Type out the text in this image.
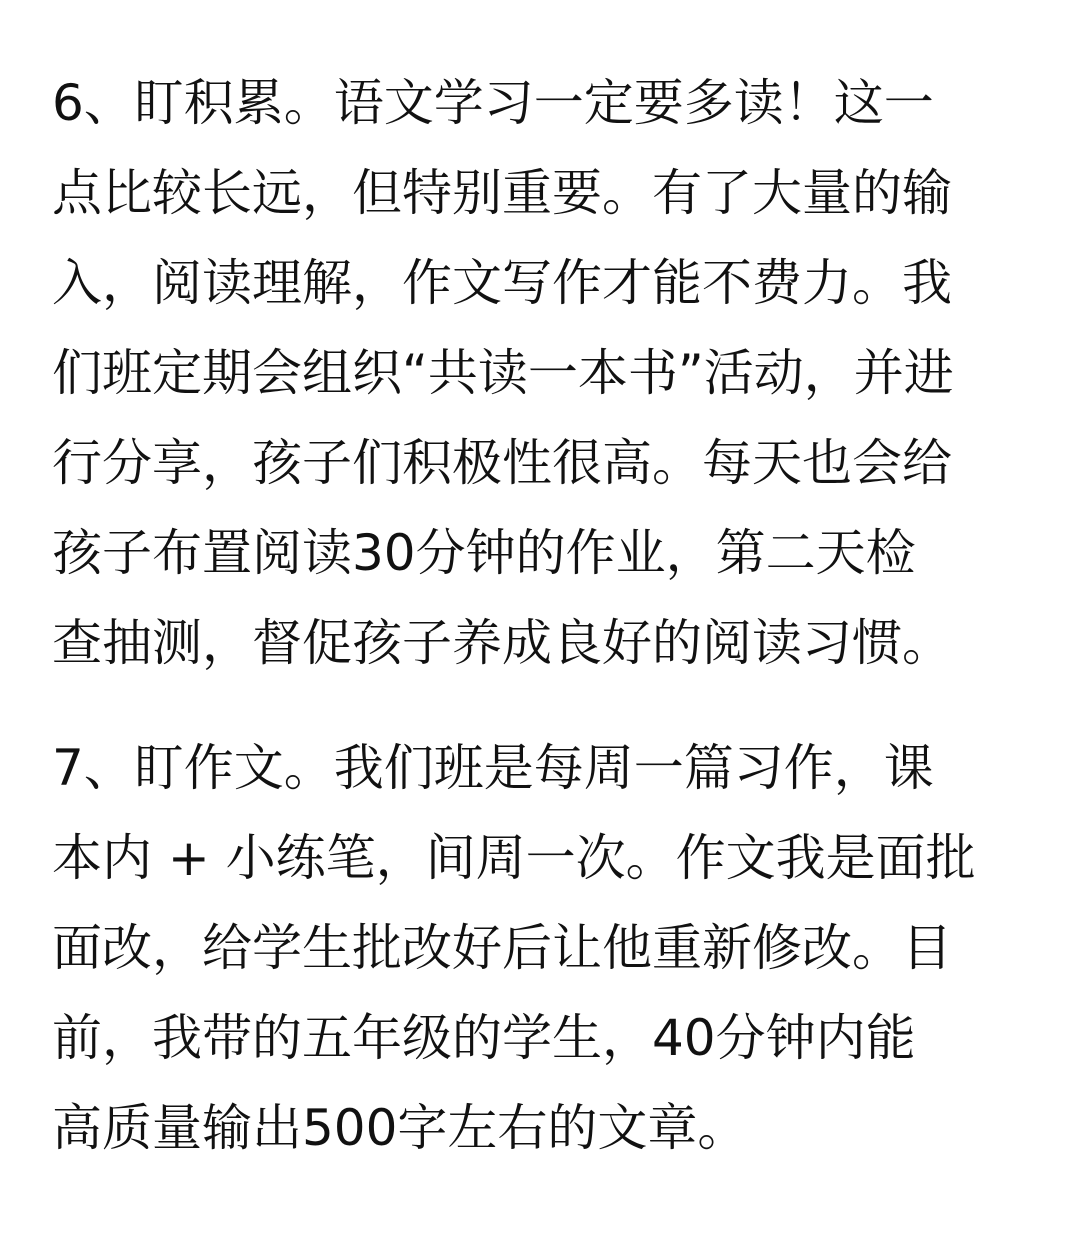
6、盯积累。语文学习一定要多读！这一
点比较长远，但特别重要。有了大量的输
入，阅读理解，作文写作才能不费力。我
们班定期会组织“共读一本书”活动，并进
行分享，孩子们积极性很高。每天也会给
孩子布置阅读30分钟的作业，第二天检
查抽测，督促孩子养成良好的阅读习惯。
7、盯作文。我们班是每周一篇习作，课
本内 + 小练笔，间周一次。作文我是面批
面改，给学生批改好后让他重新修改。目
前，我带的五年级的学生，40分钟内能
高质量输出500字左右的文章。
